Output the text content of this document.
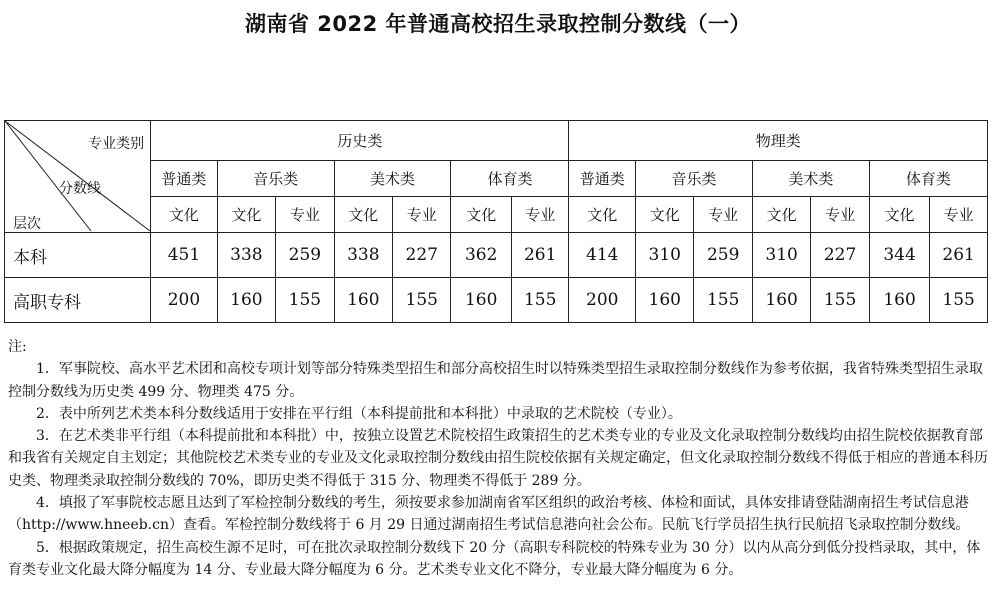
湖南省 2022 年普通高校招生录取控制分数线（一）
专业类别
分数线
层次	历史类							物理类						
	普通类	音乐类		美术类		体育类		普通类	音乐类		美术类		体育类	
	文化	文化	专业	文化	专业	文化	专业	文化	文化	专业	文化	专业	文化	专业
本科	451	338	259	338	227	362	261	414	310	259	310	227	344	261
高职专科	200	160	155	160	155	160	155	200	160	155	160	155	160	155

注:

1．军事院校、高水平艺术团和高校专项计划等部分特殊类型招生和部分高校招生时以特殊类型招生录取控制分数线作为参考依据，我省特殊类型招生录取控制分数线为历史类 499 分、物理类 475 分。

2．表中所列艺术类本科分数线适用于安排在平行组（本科提前批和本科批）中录取的艺术院校（专业）。

3．在艺术类非平行组（本科提前批和本科批）中，按独立设置艺术院校招生政策招生的艺术类专业的专业及文化录取控制分数线均由招生院校依据教育部和我省有关规定自主划定；其他院校艺术类专业的专业及文化录取控制分数线由招生院校依据有关规定确定，但文化录取控制分数线不得低于相应的普通本科历史类、物理类录取控制分数线的 70%，即历史类不得低于 315 分、物理类不得低于 289 分。

4．填报了军事院校志愿且达到了军检控制分数线的考生，须按要求参加湖南省军区组织的政治考核、体检和面试，具体安排请登陆湖南招生考试信息港（http://www.hneeb.cn）查看。军检控制分数线将于 6 月 29 日通过湖南招生考试信息港向社会公布。民航飞行学员招生执行民航招飞录取控制分数线。

5．根据政策规定，招生高校生源不足时，可在批次录取控制分数线下 20 分（高职专科院校的特殊专业为 30 分）以内从高分到低分投档录取，其中，体育类专业文化最大降分幅度为 14 分、专业最大降分幅度为 6 分。艺术类专业文化不降分，专业最大降分幅度为 6 分。
